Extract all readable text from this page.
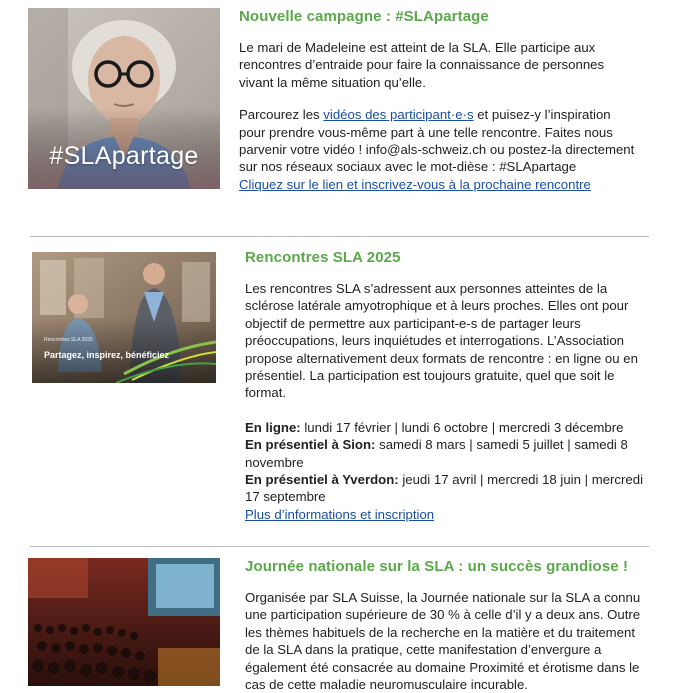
#SLApartage
Nouvelle campagne : #SLApartage

Le mari de Madeleine est atteint de la SLA. Elle participe aux rencontres d’entraide pour faire la connaissance de personnes vivant la même situation qu’elle.

Parcourez les vidéos des participant·e·s et puisez-y l’inspiration pour prendre vous-même part à une telle rencontre. Faites nous parvenir votre vidéo ! info@als-schweiz.ch ou postez-la directement sur nos réseaux sociaux avec le mot-dièse : #SLApartage
Cliquez sur le lien et inscrivez-vous à la prochaine rencontre

Rencontres SLA 2025
Partagez, inspirez, bénéficiez
Rencontres SLA 2025

Les rencontres SLA s’adressent aux personnes atteintes de la sclérose latérale amyotrophique et à leurs proches. Elles ont pour objectif de permettre aux participant-e-s de partager leurs préoccupations, leurs inquiétudes et interrogations. L’Association propose alternativement deux formats de rencontre : en ligne ou en présentiel. La participation est toujours gratuite, quel que soit le format.

En ligne: lundi 17 février | lundi 6 octobre | mercredi 3 décembre
En présentiel à Sion: samedi 8 mars | samedi 5 juillet | samedi 8 novembre
En présentiel à Yverdon: jeudi 17 avril | mercredi 18 juin | mercredi 17 septembre
Plus d’informations et inscription

Journée nationale sur la SLA : un succès grandiose !

Organisée par SLA Suisse, la Journée nationale sur la SLA a connu une participation supérieure de 30 % à celle d’il y a deux ans. Outre les thèmes habituels de la recherche en la matière et du traitement de la SLA dans la pratique, cette manifestation d’envergure a également été consacrée au domaine Proximité et érotisme dans le cas de cette maladie neuromusculaire incurable.
